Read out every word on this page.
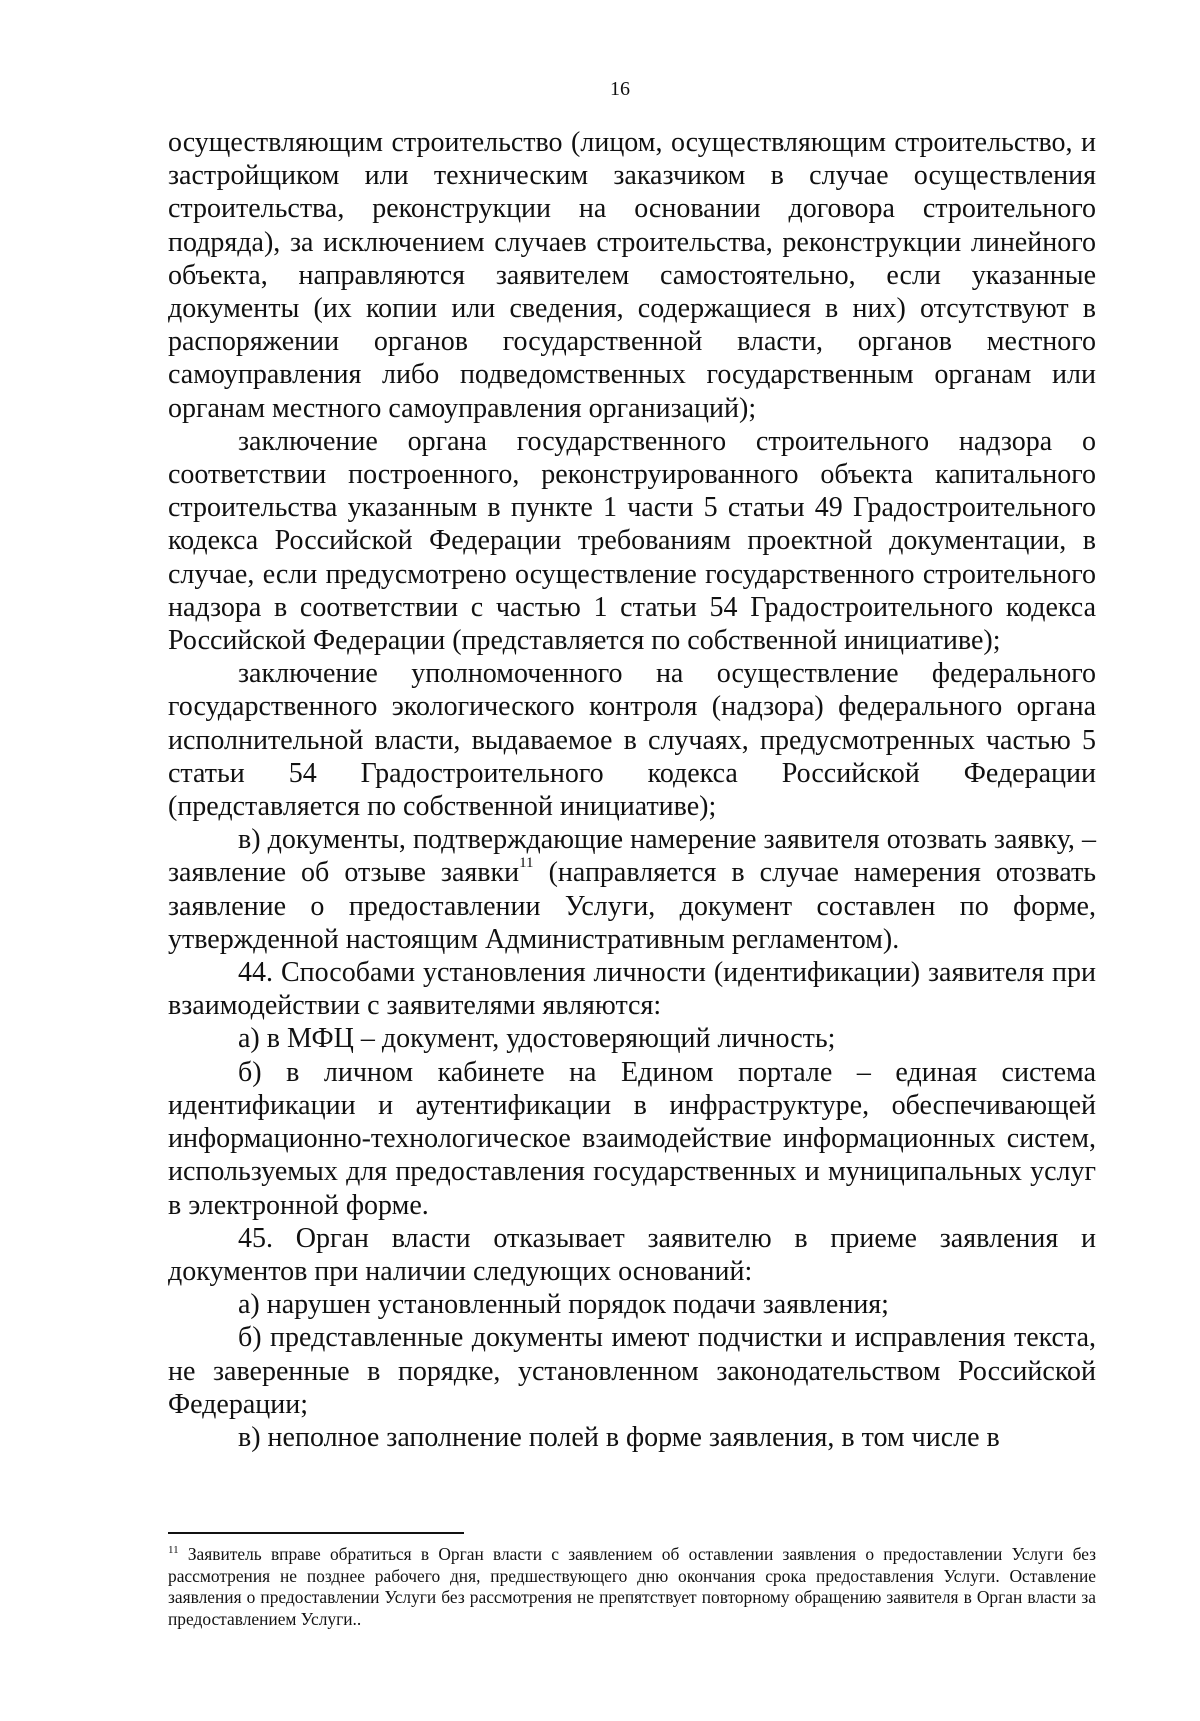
16

осуществляющим строительство (лицом, осуществляющим строительство, и застройщиком или техническим заказчиком в случае осуществления строительства, реконструкции на основании договора строительного подряда), за исключением случаев строительства, реконструкции линейного объекта, направляются заявителем самостоятельно, если указанные документы (их копии или сведения, содержащиеся в них) отсутствуют в распоряжении органов государственной власти, органов местного самоуправления либо подведомственных государственным органам или органам местного самоуправления организаций);

заключение органа государственного строительного надзора о соответствии построенного, реконструированного объекта капитального строительства указанным в пункте 1 части 5 статьи 49 Градостроительного кодекса Российской Федерации требованиям проектной документации, в случае, если предусмотрено осуществление государственного строительного надзора в соответствии с частью 1 статьи 54 Градостроительного кодекса Российской Федерации (представляется по собственной инициативе);

заключение уполномоченного на осуществление федерального государственного экологического контроля (надзора) федерального органа исполнительной власти, выдаваемое в случаях, предусмотренных частью 5 статьи 54 Градостроительного кодекса Российской Федерации (представляется по собственной инициативе);

в) документы, подтверждающие намерение заявителя отозвать заявку, – заявление об отзыве заявки$^{11}$ (направляется в случае намерения отозвать заявление о предоставлении Услуги, документ составлен по форме, утвержденной настоящим Административным регламентом).

44. Способами установления личности (идентификации) заявителя при взаимодействии с заявителями являются:

а) в МФЦ – документ, удостоверяющий личность;

б) в личном кабинете на Едином портале – единая система идентификации и аутентификации в инфраструктуре, обеспечивающей информационно-технологическое взаимодействие информационных систем, используемых для предоставления государственных и муниципальных услуг в электронной форме.

45. Орган власти отказывает заявителю в приеме заявления и документов при наличии следующих оснований:

а) нарушен установленный порядок подачи заявления;

б) представленные документы имеют подчистки и исправления текста, не заверенные в порядке, установленном законодательством Российской Федерации;

в) неполное заполнение полей в форме заявления, в том числе в

$^{11}$ Заявитель вправе обратиться в Орган власти с заявлением об оставлении заявления о предоставлении Услуги без рассмотрения не позднее рабочего дня, предшествующего дню окончания срока предоставления Услуги. Оставление заявления о предоставлении Услуги без рассмотрения не препятствует повторному обращению заявителя в Орган власти за предоставлением Услуги..
